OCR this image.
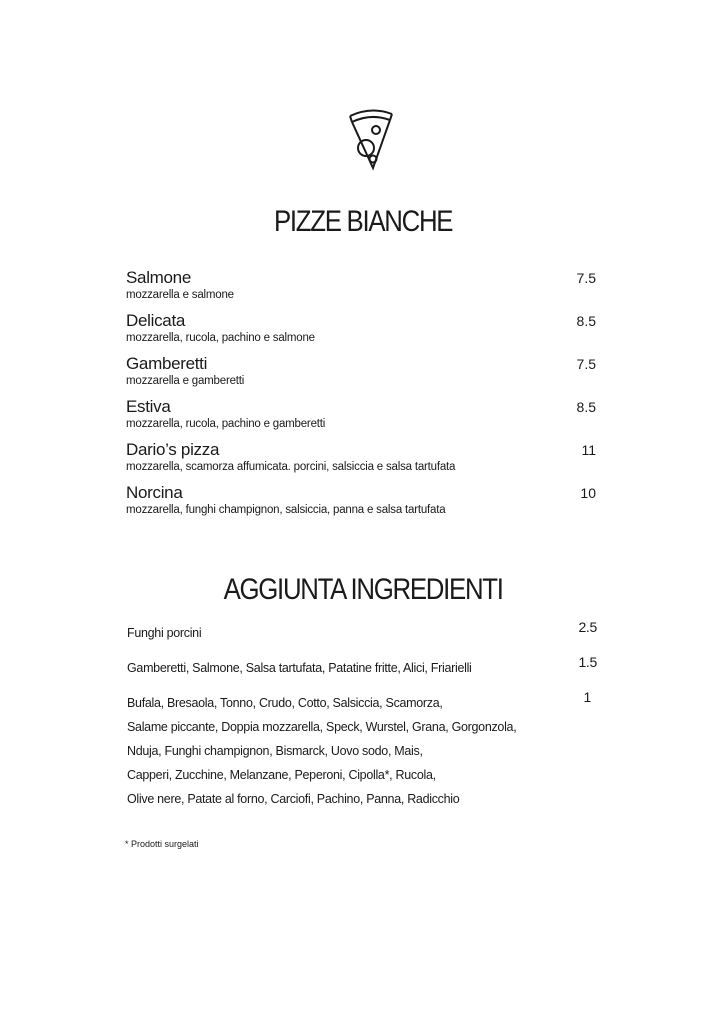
PIZZE BIANCHE
Salmone
mozzarella e salmone
7.5
Delicata
mozzarella, rucola, pachino e salmone
8.5
Gamberetti
mozzarella e gamberetti
7.5
Estiva
mozzarella, rucola, pachino e gamberetti
8.5
Dario’s pizza
mozzarella, scamorza affumicata. porcini, salsiccia e salsa tartufata
11
Norcina
mozzarella, funghi champignon, salsiccia, panna e salsa tartufata
10
AGGIUNTA INGREDIENTI
Funghi porcini	2.5
Gamberetti, Salmone, Salsa tartufata, Patatine fritte, Alici, Friarielli	1.5
Bufala, Bresaola, Tonno, Crudo, Cotto, Salsiccia, Scamorza,
Salame piccante, Doppia mozzarella, Speck, Wurstel, Grana, Gorgonzola,
Nduja, Funghi champignon, Bismarck, Uovo sodo, Mais,
Capperi, Zucchine, Melanzane, Peperoni, Cipolla*, Rucola,
Olive nere, Patate al forno, Carciofi, Pachino, Panna, Radicchio
1
* Prodotti surgelati
